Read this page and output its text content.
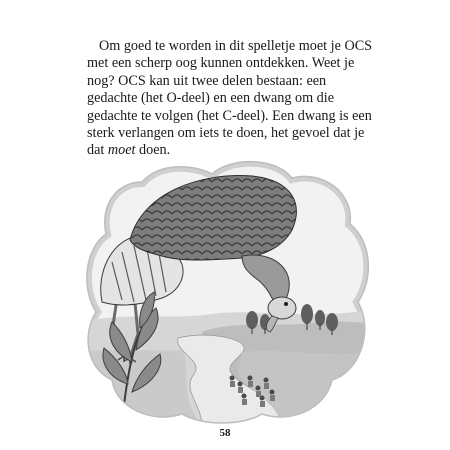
Om goed te worden in dit spelletje moet je OCS met een scherp oog kunnen ontdekken. Weet je nog? OCS kan uit twee delen bestaan: een gedachte (het O-deel) en een dwang om die gedachte te volgen (het C-deel). Een dwang is een sterk verlangen om iets te doen, het gevoel dat je dat moet doen.

58
